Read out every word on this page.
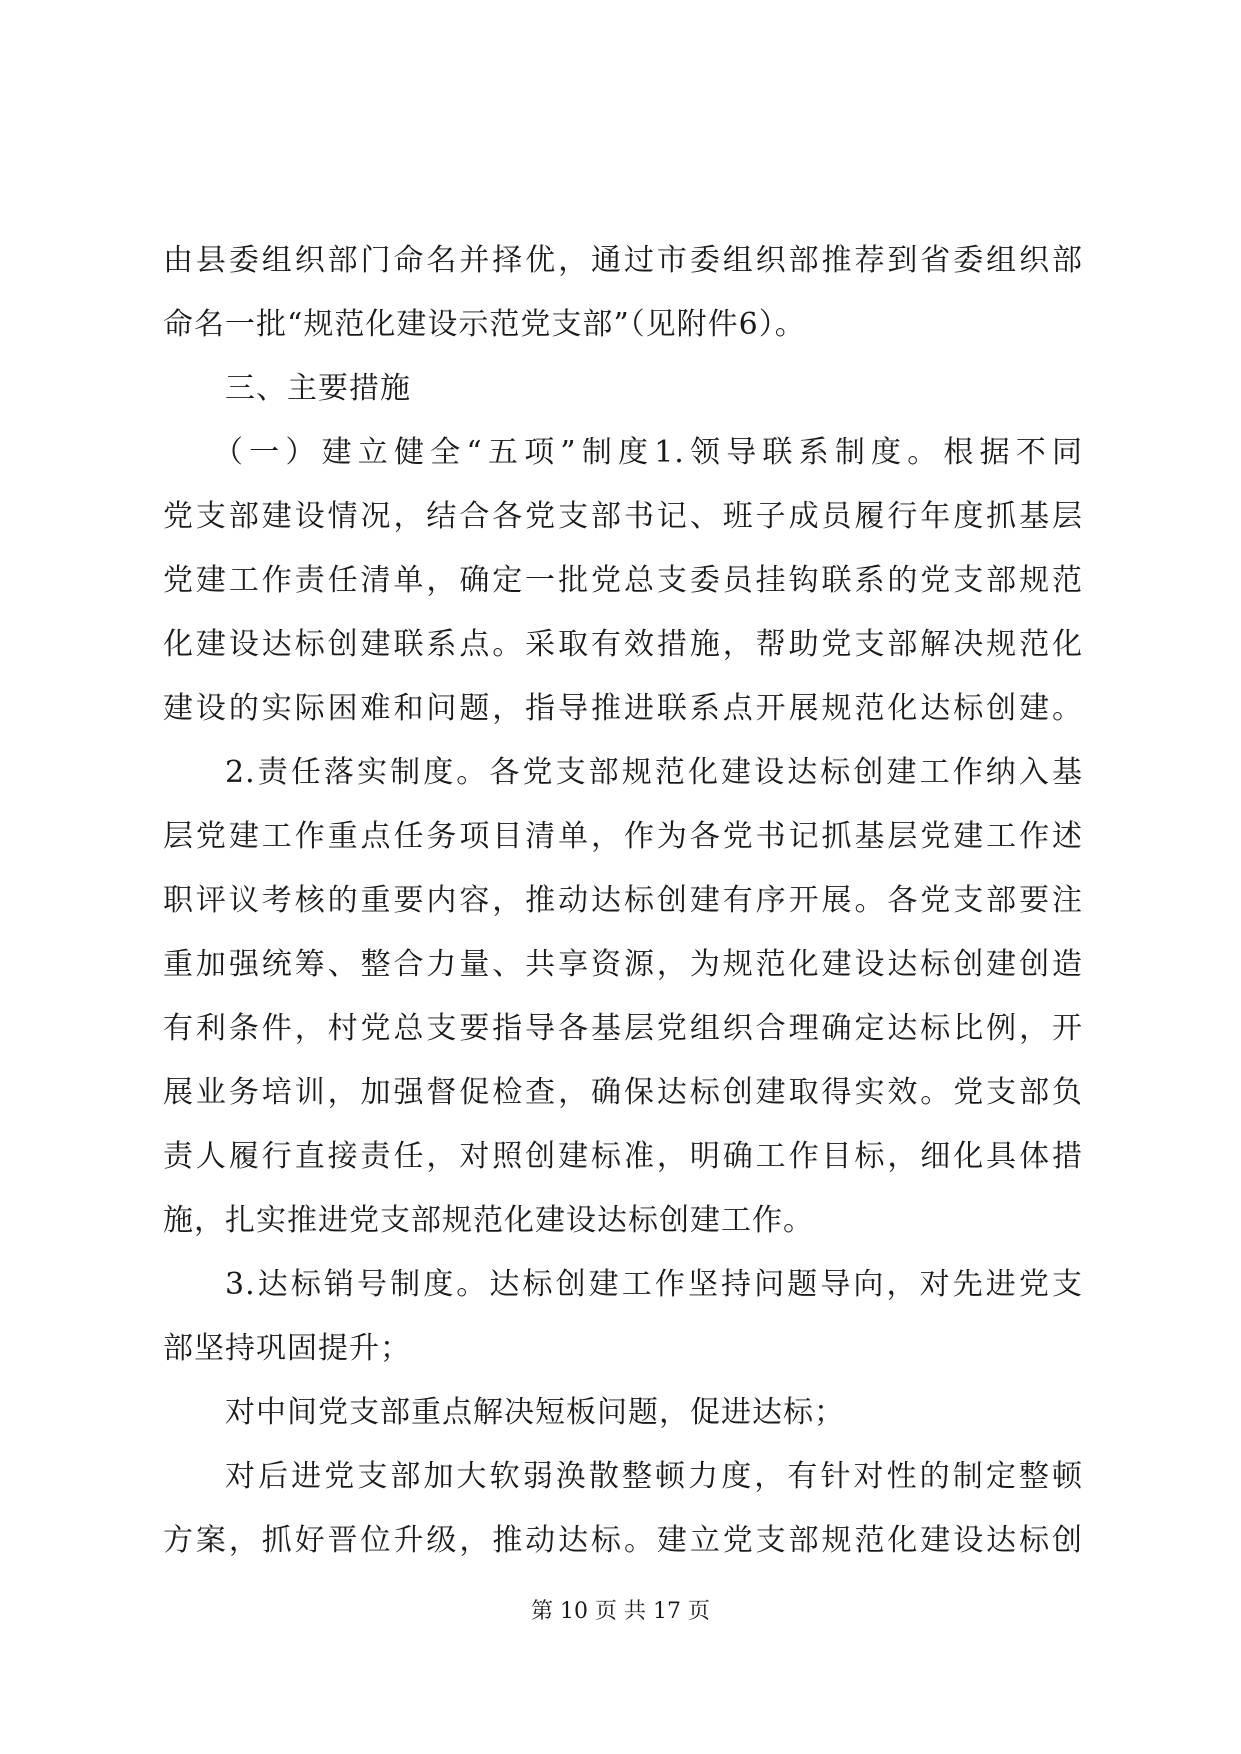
由县委组织部门命名并择优，通过市委组织部推荐到省委组织部
命名一批“规范化建设示范党支部”（见附件6）。
三、主要措施
（一）建立健全“五项”制度1.领导联系制度。根据不同
党支部建设情况，结合各党支部书记、班子成员履行年度抓基层
党建工作责任清单，确定一批党总支委员挂钩联系的党支部规范
化建设达标创建联系点。采取有效措施，帮助党支部解决规范化
建设的实际困难和问题，指导推进联系点开展规范化达标创建。
2.责任落实制度。各党支部规范化建设达标创建工作纳入基
层党建工作重点任务项目清单，作为各党书记抓基层党建工作述
职评议考核的重要内容，推动达标创建有序开展。各党支部要注
重加强统筹、整合力量、共享资源，为规范化建设达标创建创造
有利条件，村党总支要指导各基层党组织合理确定达标比例，开
展业务培训，加强督促检查，确保达标创建取得实效。党支部负
责人履行直接责任，对照创建标准，明确工作目标，细化具体措
施，扎实推进党支部规范化建设达标创建工作。
3.达标销号制度。达标创建工作坚持问题导向，对先进党支
部坚持巩固提升；
对中间党支部重点解决短板问题，促进达标；
对后进党支部加大软弱涣散整顿力度，有针对性的制定整顿
方案，抓好晋位升级，推动达标。建立党支部规范化建设达标创
第 10 页 共 17 页
